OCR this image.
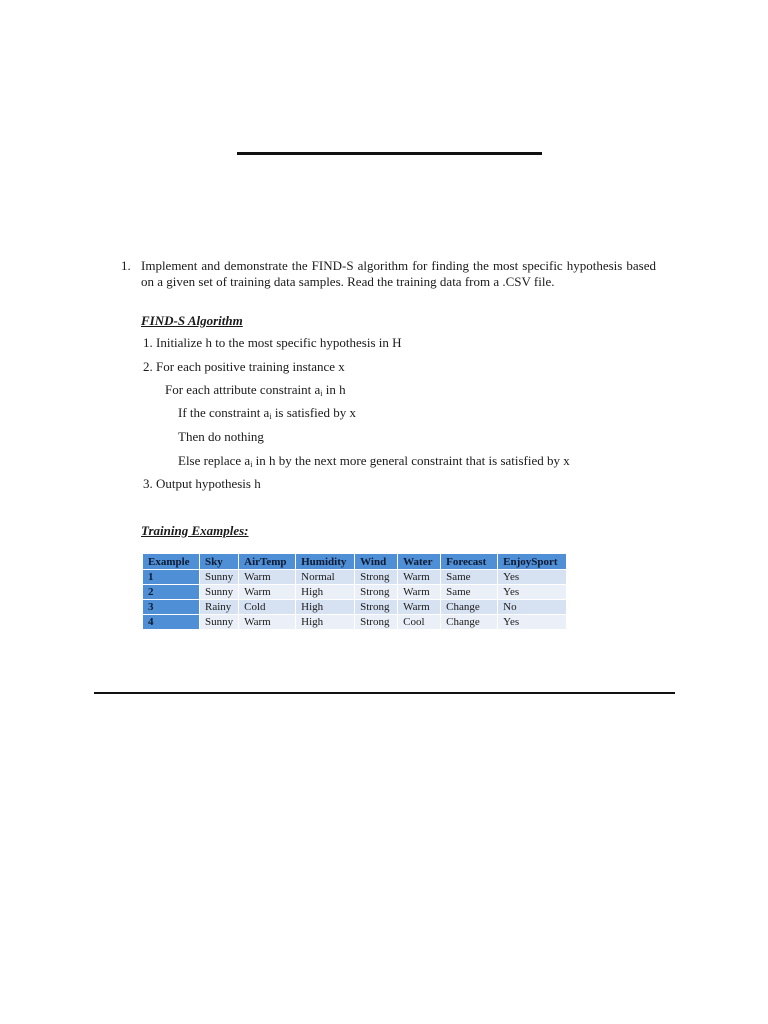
1. Implement and demonstrate the FIND-S algorithm for finding the most specific hypothesis based on a given set of training data samples. Read the training data from a .CSV file.
FIND-S Algorithm
1. Initialize h to the most specific hypothesis in H
2. For each positive training instance x
For each attribute constraint $a_i$ in h
If the constraint $a_i$ is satisfied by x
Then do nothing
Else replace $a_i$ in h by the next more general constraint that is satisfied by x
3. Output hypothesis h
Training Examples:
Example	Sky	AirTemp	Humidity	Wind	Water	Forecast	EnjoySport
1	Sunny	Warm	Normal	Strong	Warm	Same	Yes
2	Sunny	Warm	High	Strong	Warm	Same	Yes
3	Rainy	Cold	High	Strong	Warm	Change	No
4	Sunny	Warm	High	Strong	Cool	Change	Yes
